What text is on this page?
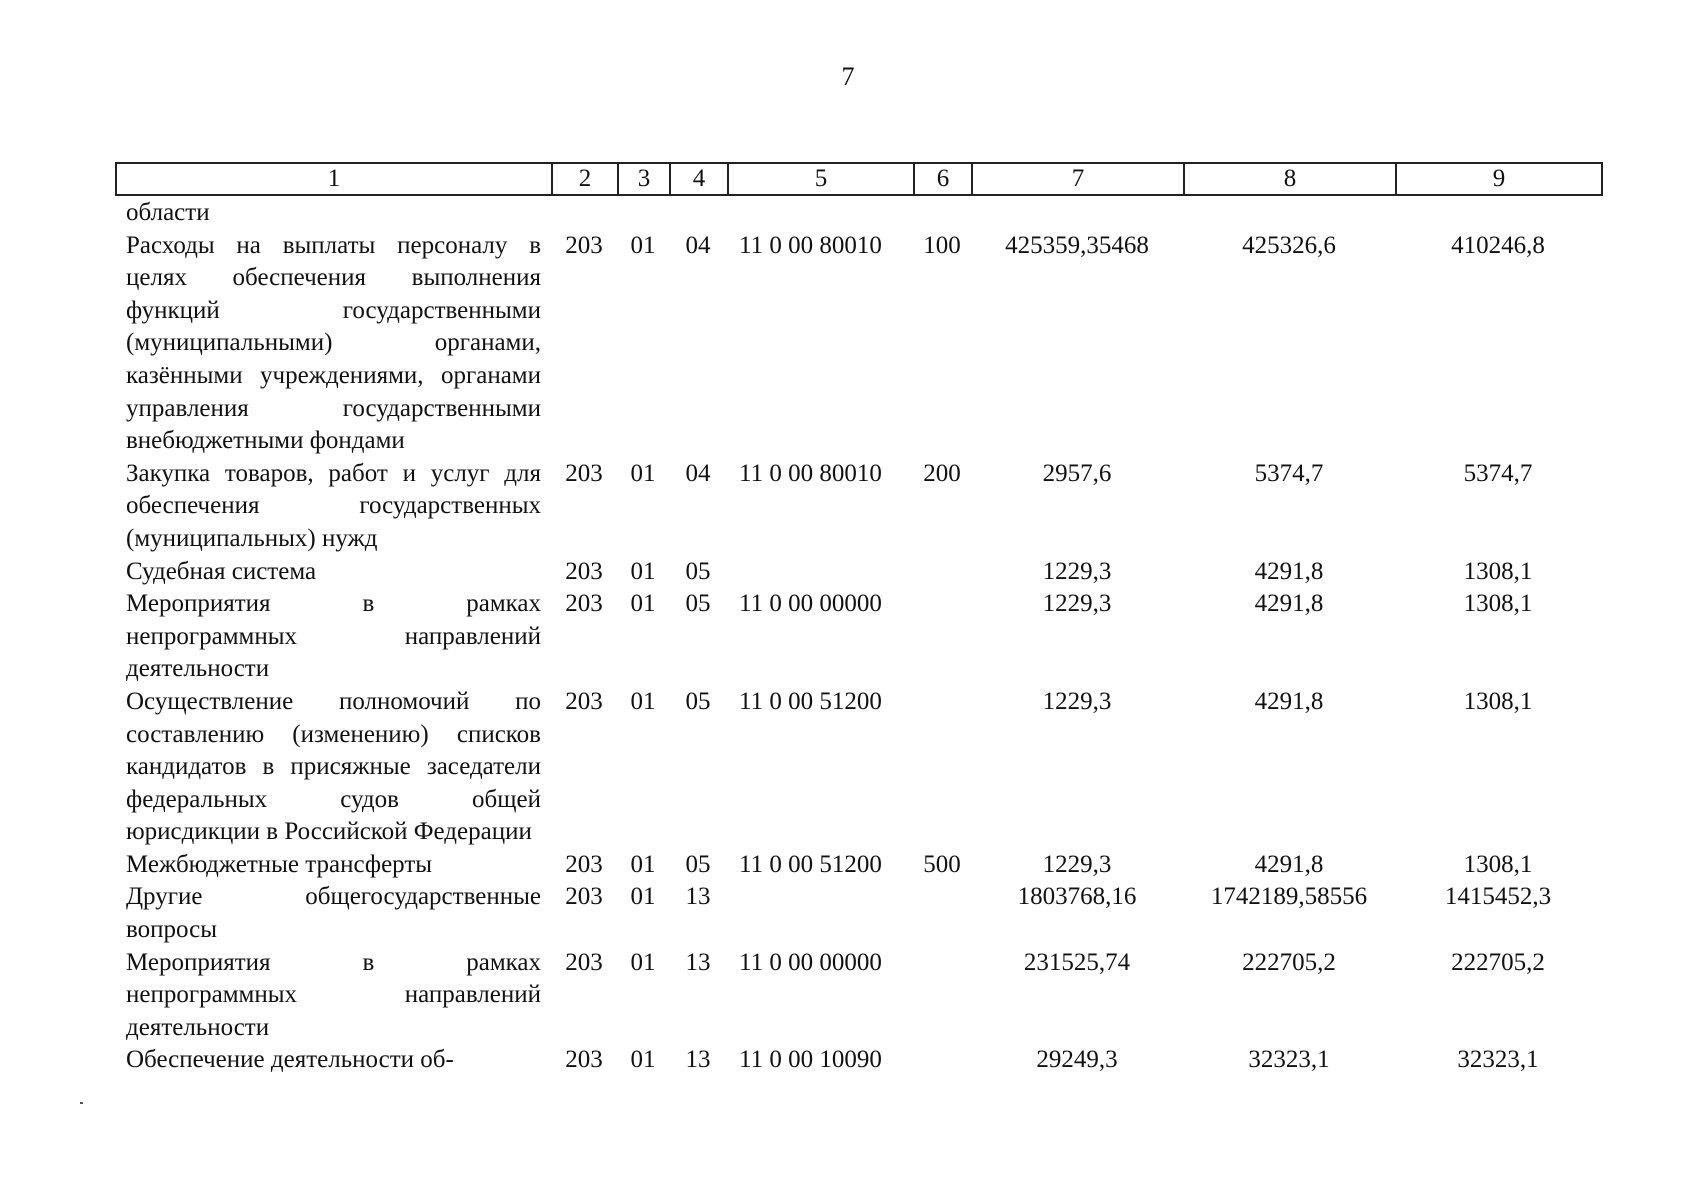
7
1	2	3	4	5	6	7	8	9
области								
Расходы на выплаты персоналу в целях обеспечения выполнения функций государственными (муниципальными) органами, казёнными учреждениями, органами управления государственными внебюджетными фондами	203	01	04	11 0 00 80010	100	425359,35468	425326,6	410246,8
Закупка товаров, работ и услуг для обеспечения государственных (муниципальных) нужд	203	01	04	11 0 00 80010	200	2957,6	5374,7	5374,7
Судебная система	203	01	05			1229,3	4291,8	1308,1
Мероприятия в рамках непрограммных направлений деятельности	203	01	05	11 0 00 00000		1229,3	4291,8	1308,1
Осуществление полномочий по составлению (изменению) списков кандидатов в присяжные заседатели федеральных судов общей юрисдикции в Российской Федерации	203	01	05	11 0 00 51200		1229,3	4291,8	1308,1
Межбюджетные трансферты	203	01	05	11 0 00 51200	500	1229,3	4291,8	1308,1
Другие общегосударственные вопросы	203	01	13			1803768,16	1742189,58556	1415452,3
Мероприятия в рамках непрограммных направлений деятельности	203	01	13	11 0 00 00000		231525,74	222705,2	222705,2
Обеспечение деятельности об-	203	01	13	11 0 00 10090		29249,3	32323,1	32323,1
